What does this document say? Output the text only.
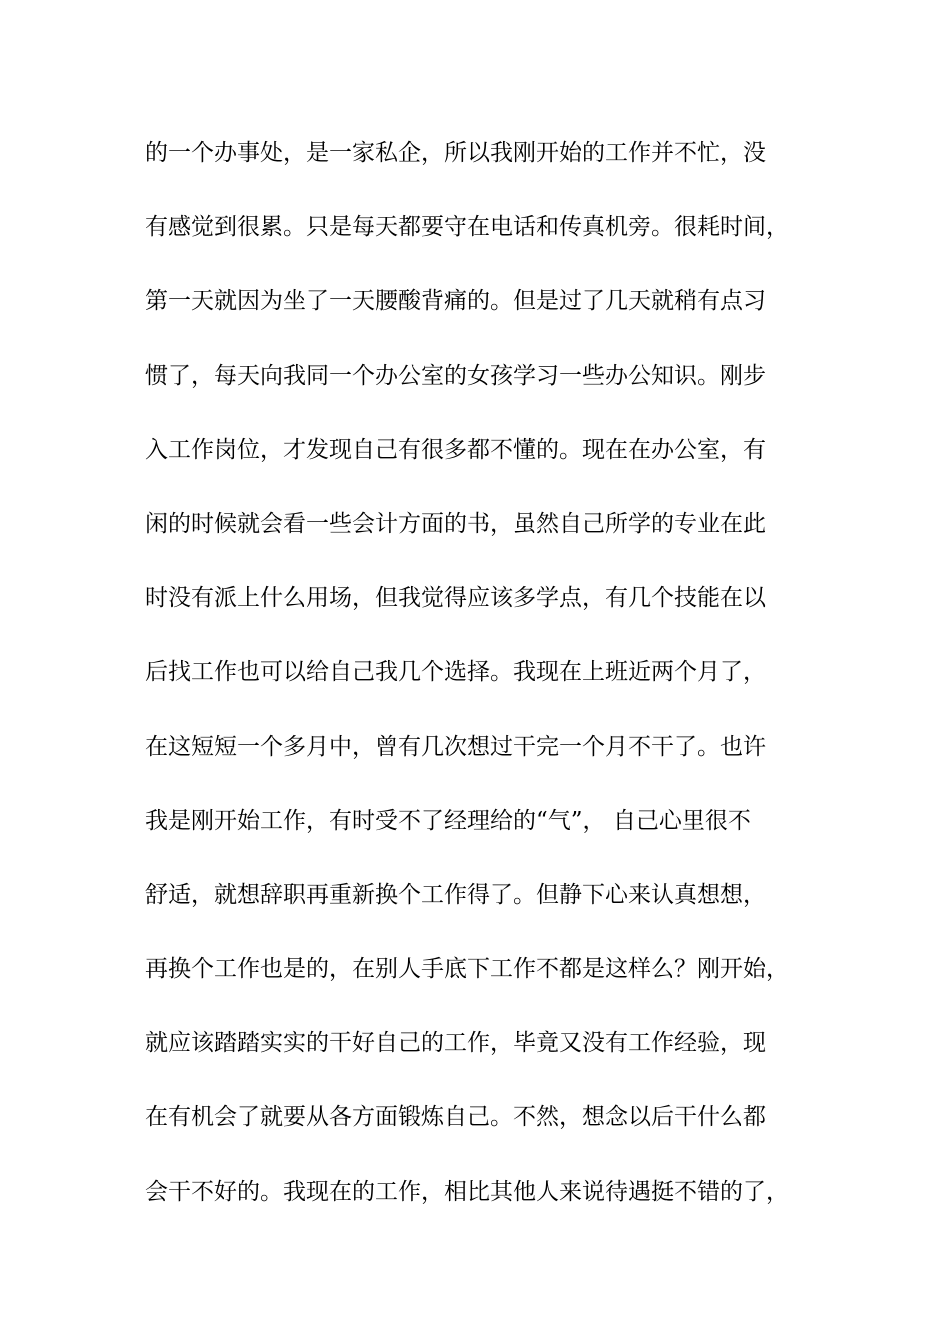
的一个办事处，是一家私企，所以我刚开始的工作并不忙，没
有感觉到很累。只是每天都要守在电话和传真机旁。很耗时间，
第一天就因为坐了一天腰酸背痛的。但是过了几天就稍有点习
惯了，每天向我同一个办公室的女孩学习一些办公知识。刚步
入工作岗位，才发现自己有很多都不懂的。现在在办公室，有
闲的时候就会看一些会计方面的书，虽然自己所学的专业在此
时没有派上什么用场，但我觉得应该多学点，有几个技能在以
后找工作也可以给自己我几个选择。我现在上班近两个月了，
在这短短一个多月中，曾有几次想过干完一个月不干了。也许
我是刚开始工作，有时受不了经理给的“气”， 自己心里很不
舒适，就想辞职再重新换个工作得了。但静下心来认真想想，
再换个工作也是的，在别人手底下工作不都是这样么？刚开始，
就应该踏踏实实的干好自己的工作，毕竟又没有工作经验，现
在有机会了就要从各方面锻炼自己。不然，想念以后干什么都
会干不好的。我现在的工作，相比其他人来说待遇挺不错的了，
